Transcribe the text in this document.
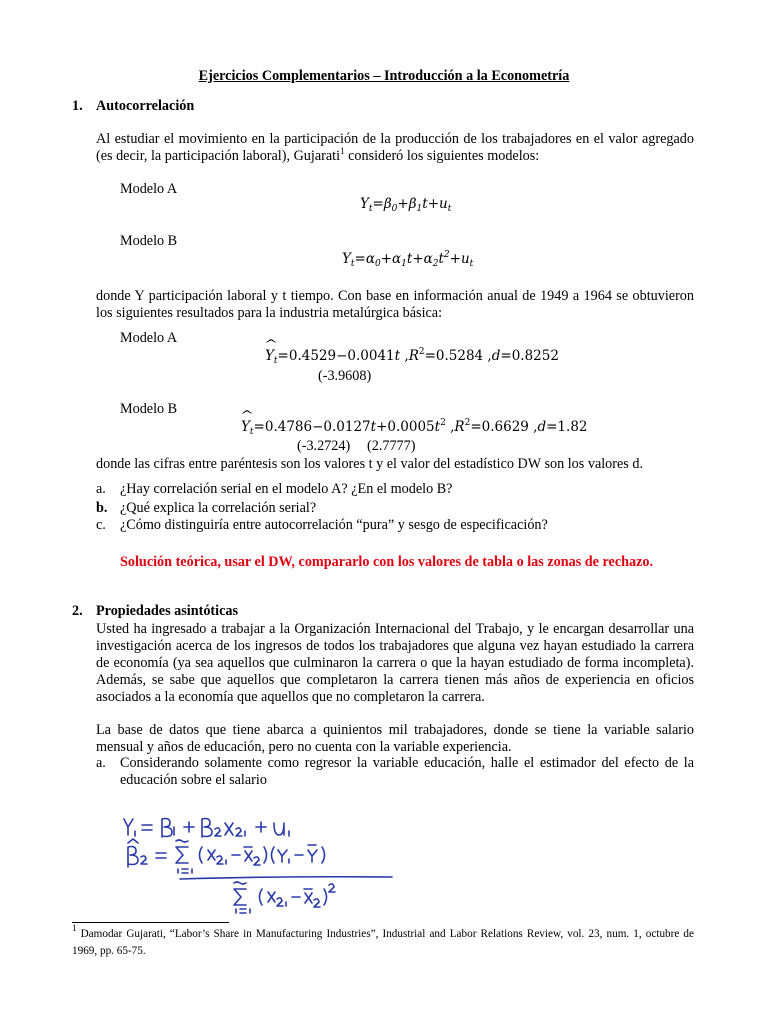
Ejercicios Complementarios – Introducción a la Econometría
1. Autocorrelación
Al estudiar el movimiento en la participación de la producción de los trabajadores en el valor agregado (es decir, la participación laboral), Gujarati$^1$ consideró los siguientes modelos:
Modelo A
$Y_t=\beta_0+\beta_1t+u_t$
Modelo B
$Y_t=\alpha_0+\alpha_1t+\alpha_2t^2+u_t$
donde Y participación laboral y t tiempo. Con base en información anual de 1949 a 1964 se obtuvieron los siguientes resultados para la industria metalúrgica básica:
Modelo A
^ $Y_t=0.4529-0.0041t$ $,R^2=0.5284$ ,d=0.8252
(-3.9608)
Modelo B
^ $Y_t=0.4786-0.0127t+0.0005t^2$ $,R^2=0.6629$ ,d=1.82
(-3.2724) (2.7777)
donde las cifras entre paréntesis son los valores t y el valor del estadístico DW son los valores d.
a. ¿Hay correlación serial en el modelo A? ¿En el modelo B?
b. ¿Qué explica la correlación serial?
c. ¿Cómo distinguiría entre autocorrelación “pura” y sesgo de especificación?
Solución teórica, usar el DW, compararlo con los valores de tabla o las zonas de rechazo.
2. Propiedades asintóticas
Usted ha ingresado a trabajar a la Organización Internacional del Trabajo, y le encargan desarrollar una investigación acerca de los ingresos de todos los trabajadores que alguna vez hayan estudiado la carrera de economía (ya sea aquellos que culminaron la carrera o que la hayan estudiado de forma incompleta). Además, se sabe que aquellos que completaron la carrera tienen más años de experiencia en oficios asociados a la economía que aquellos que no completaron la carrera.
La base de datos que tiene abarca a quinientos mil trabajadores, donde se tiene la variable salario mensual y años de educación, pero no cuenta con la variable experiencia.
a. Considerando solamente como regresor la variable educación, halle el estimador del efecto de la educación sobre el salario
$^1$ Damodar Gujarati, “Labor’s Share in Manufacturing Industries”, Industrial and Labor Relations Review, vol. 23, num. 1, octubre de 1969, pp. 65-75.
